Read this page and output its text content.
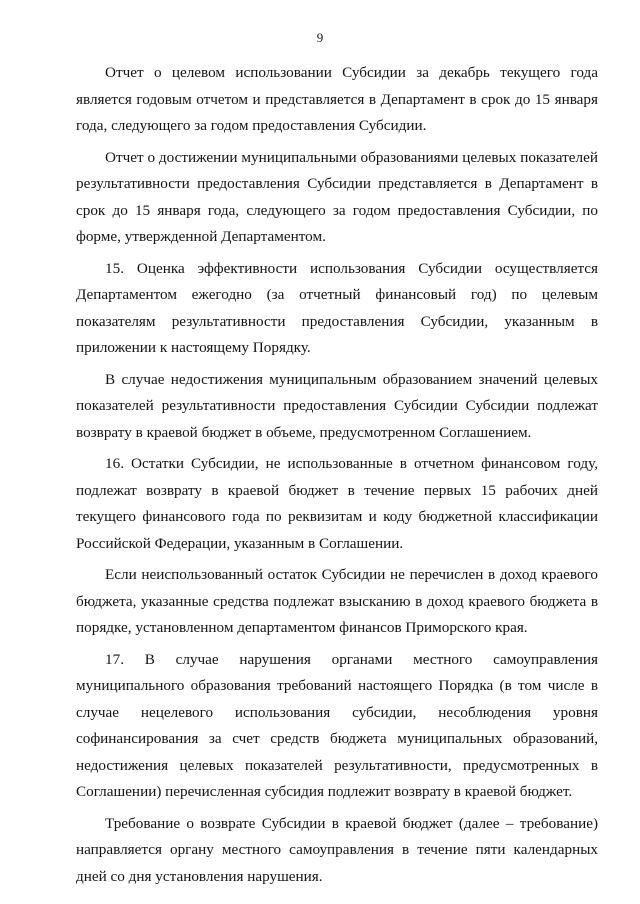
9

Отчет о целевом использовании Субсидии за декабрь текущего года является годовым отчетом и представляется в Департамент в срок до 15 января года, следующего за годом предоставления Субсидии.

Отчет о достижении муниципальными образованиями целевых показателей результативности предоставления Субсидии представляется в Департамент в срок до 15 января года, следующего за годом предоставления Субсидии, по форме, утвержденной Департаментом.

15. Оценка эффективности использования Субсидии осуществляется Департаментом ежегодно (за отчетный финансовый год) по целевым показателям результативности предоставления Субсидии, указанным в приложении к настоящему Порядку.

В случае недостижения муниципальным образованием значений целевых показателей результативности предоставления Субсидии Субсидии подлежат возврату в краевой бюджет в объеме, предусмотренном Соглашением.

16. Остатки Субсидии, не использованные в отчетном финансовом году, подлежат возврату в краевой бюджет в течение первых 15 рабочих дней текущего финансового года по реквизитам и коду бюджетной классификации Российской Федерации, указанным в Соглашении.

Если неиспользованный остаток Субсидии не перечислен в доход краевого бюджета, указанные средства подлежат взысканию в доход краевого бюджета в порядке, установленном департаментом финансов Приморского края.

17. В случае нарушения органами местного самоуправления муниципального образования требований настоящего Порядка (в том числе в случае нецелевого использования субсидии, несоблюдения уровня софинансирования за счет средств бюджета муниципальных образований, недостижения целевых показателей результативности, предусмотренных в Соглашении) перечисленная субсидия подлежит возврату в краевой бюджет.

Требование о возврате Субсидии в краевой бюджет (далее – требование) направляется органу местного самоуправления в течение пяти календарных дней со дня установления нарушения.
